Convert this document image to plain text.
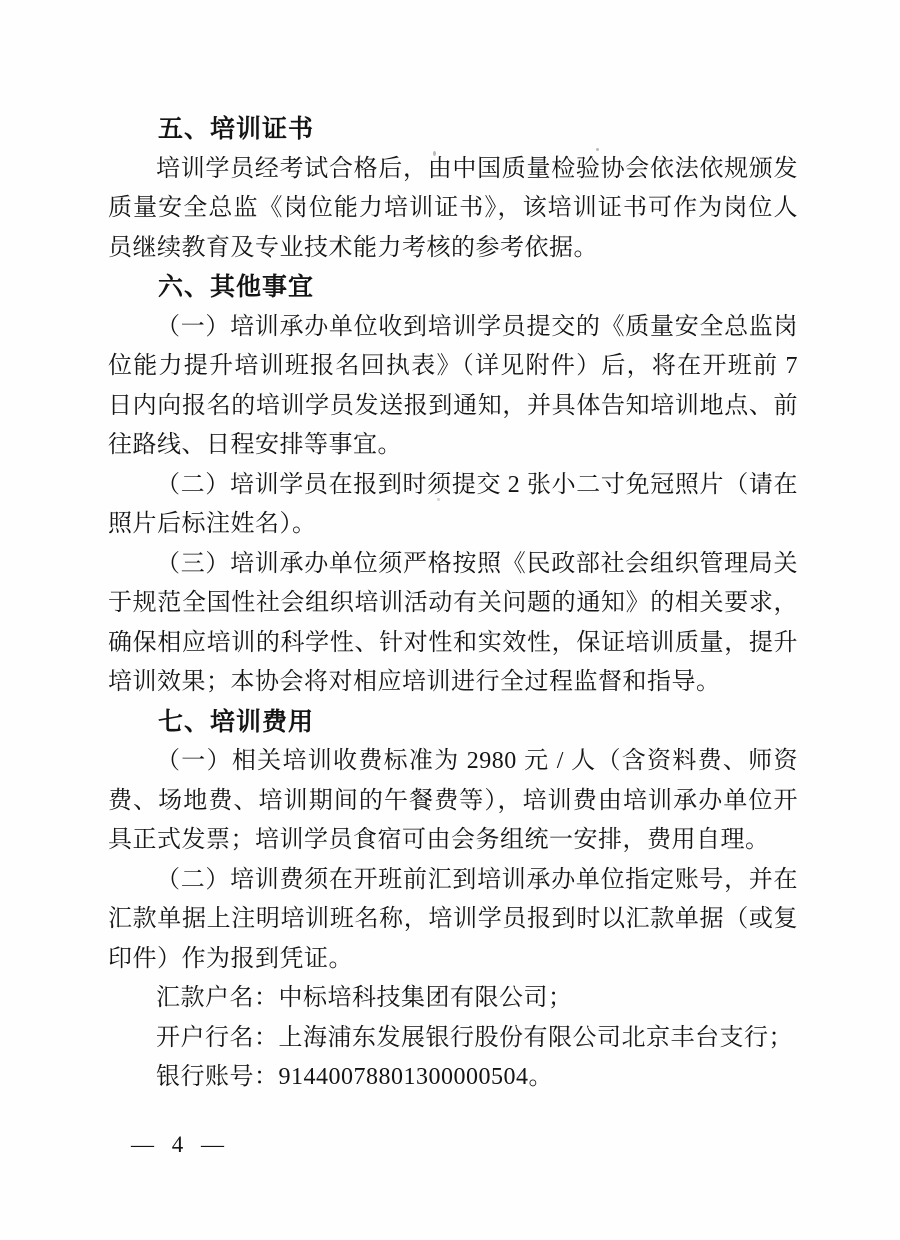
五、培训证书

培训学员经考试合格后，由中国质量检验协会依法依规颁发质量安全总监《岗位能力培训证书》，该培训证书可作为岗位人员继续教育及专业技术能力考核的参考依据。

六、其他事宜

（一）培训承办单位收到培训学员提交的《质量安全总监岗位能力提升培训班报名回执表》（详见附件）后，将在开班前 7 日内向报名的培训学员发送报到通知，并具体告知培训地点、前往路线、日程安排等事宜。

（二）培训学员在报到时须提交 2 张小二寸免冠照片（请在照片后标注姓名）。

（三）培训承办单位须严格按照《民政部社会组织管理局关于规范全国性社会组织培训活动有关问题的通知》的相关要求，确保相应培训的科学性、针对性和实效性，保证培训质量，提升培训效果；本协会将对相应培训进行全过程监督和指导。

七、培训费用

（一）相关培训收费标准为 2980 元 / 人（含资料费、师资费、场地费、培训期间的午餐费等），培训费由培训承办单位开具正式发票；培训学员食宿可由会务组统一安排，费用自理。

（二）培训费须在开班前汇到培训承办单位指定账号，并在汇款单据上注明培训班名称，培训学员报到时以汇款单据（或复印件）作为报到凭证。

汇款户名：中标培科技集团有限公司；

开户行名：上海浦东发展银行股份有限公司北京丰台支行；

银行账号：91440078801300000504。

— 4 —
